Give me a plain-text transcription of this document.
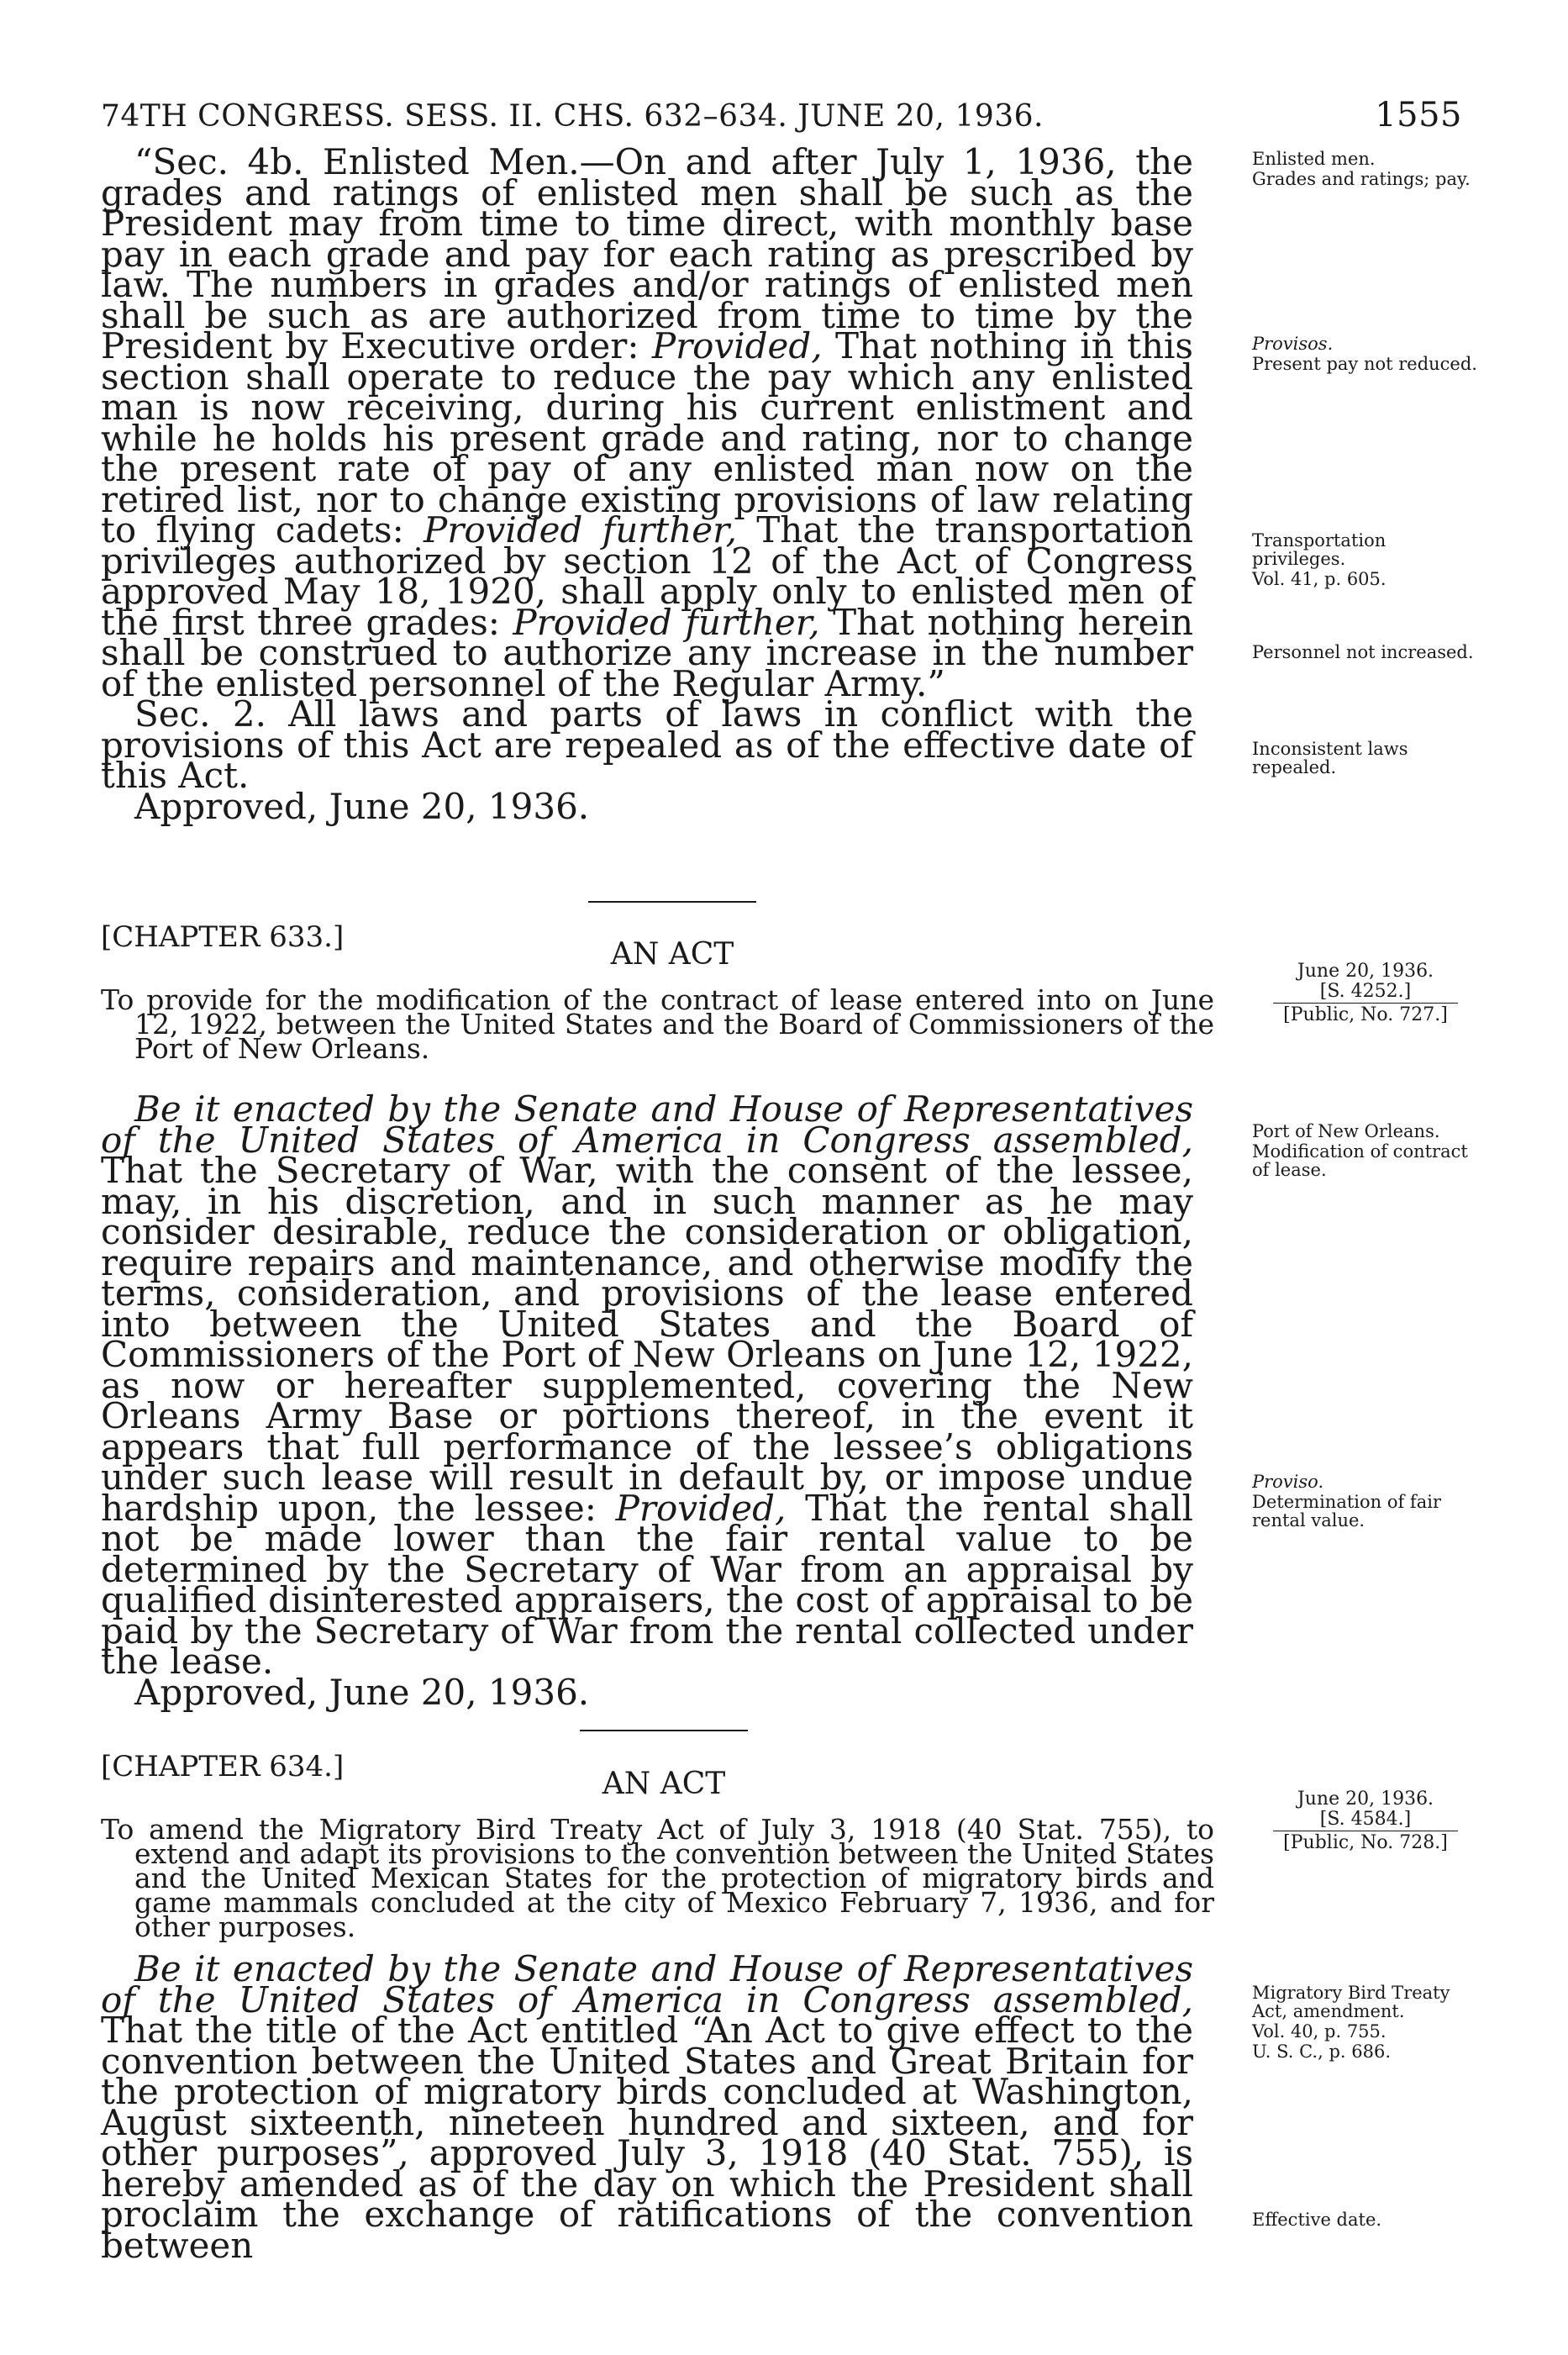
74TH CONGRESS. SESS. II. CHS. 632–634. JUNE 20, 1936.	1555

“Sec. 4b. Enlisted Men.—On and after July 1, 1936, the grades and ratings of enlisted men shall be such as the President may from time to time direct, with monthly base pay in each grade and pay for each rating as prescribed by law. The numbers in grades and/or ratings of enlisted men shall be such as are authorized from time to time by the President by Executive order: Provided, That nothing in this section shall operate to reduce the pay which any enlisted man is now receiving, during his current enlistment and while he holds his present grade and rating, nor to change the present rate of pay of any enlisted man now on the retired list, nor to change existing provisions of law relating to flying cadets: Provided further, That the transportation privileges authorized by section 12 of the Act of Congress approved May 18, 1920, shall apply only to enlisted men of the first three grades: Provided further, That nothing herein shall be construed to authorize any increase in the number of the enlisted personnel of the Regular Army.”

Sec. 2. All laws and parts of laws in conflict with the provisions of this Act are repealed as of the effective date of this Act.

Approved, June 20, 1936.

Enlisted men.
Grades and ratings; pay.
Provisos.
Present pay not reduced.
Transportation privileges.
Vol. 41, p. 605.
Personnel not increased.
Inconsistent laws repealed.
[CHAPTER 633.]	AN ACT
To provide for the modification of the contract of lease entered into on June 12, 1922, between the United States and the Board of Commissioners of the Port of New Orleans.
June 20, 1936.
[S. 4252.]
[Public, No. 727.]

Be it enacted by the Senate and House of Representatives of the United States of America in Congress assembled, That the Secretary of War, with the consent of the lessee, may, in his discretion, and in such manner as he may consider desirable, reduce the consideration or obligation, require repairs and maintenance, and otherwise modify the terms, consideration, and provisions of the lease entered into between the United States and the Board of Commissioners of the Port of New Orleans on June 12, 1922, as now or hereafter supplemented, covering the New Orleans Army Base or portions thereof, in the event it appears that full performance of the lessee’s obligations under such lease will result in default by, or impose undue hardship upon, the lessee: Provided, That the rental shall not be made lower than the fair rental value to be determined by the Secretary of War from an appraisal by qualified disinterested appraisers, the cost of appraisal to be paid by the Secretary of War from the rental collected under the lease.

Approved, June 20, 1936.

Port of New Orleans.
Modification of contract of lease.
Proviso.
Determination of fair rental value.
[CHAPTER 634.]	AN ACT
To amend the Migratory Bird Treaty Act of July 3, 1918 (40 Stat. 755), to extend and adapt its provisions to the convention between the United States and the United Mexican States for the protection of migratory birds and game mammals concluded at the city of Mexico February 7, 1936, and for other purposes.
June 20, 1936.
[S. 4584.]
[Public, No. 728.]

Be it enacted by the Senate and House of Representatives of the United States of America in Congress assembled, That the title of the Act entitled “An Act to give effect to the convention between the United States and Great Britain for the protection of migratory birds concluded at Washington, August sixteenth, nineteen hundred and sixteen, and for other purposes”, approved July 3, 1918 (40 Stat. 755), is hereby amended as of the day on which the President shall proclaim the exchange of ratifications of the convention between

Migratory Bird Treaty Act, amendment.
Vol. 40, p. 755.
U. S. C., p. 686.
Effective date.
